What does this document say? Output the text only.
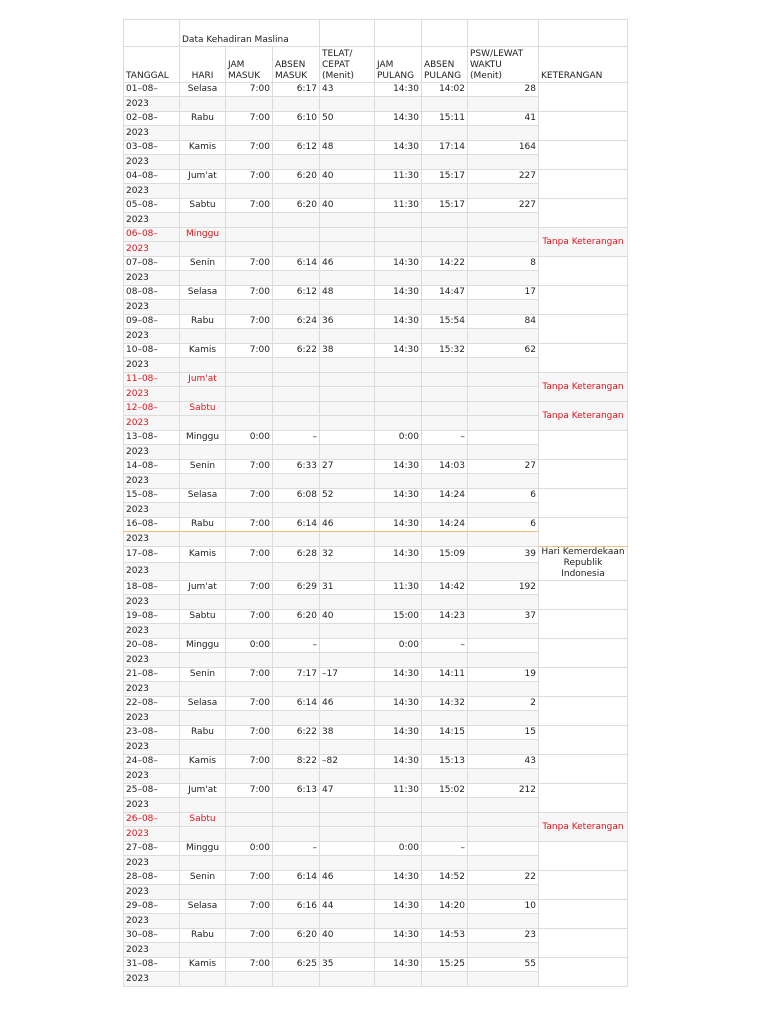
	Data Kehadiran Maslina							
TANGGAL	HARI	JAM MASUK	ABSEN MASUK	TELAT/ CEPAT (Menit)	JAM PULANG	ABSEN PULANG	PSW/LEWAT WAKTU (Menit)	KETERANGAN
01–08–	Selasa	7:00	6:17	43	14:30	14:02	28	
2023								
02–08–	Rabu	7:00	6:10	50	14:30	15:11	41	
2023								
03–08–	Kamis	7:00	6:12	48	14:30	17:14	164	
2023								
04–08–	Jum'at	7:00	6:20	40	11:30	15:17	227	
2023								
05–08–	Sabtu	7:00	6:20	40	11:30	15:17	227	
2023								
06–08–	Minggu							Tanpa Keterangan
2023								
07–08–	Senin	7:00	6:14	46	14:30	14:22	8	
2023								
08–08–	Selasa	7:00	6:12	48	14:30	14:47	17	
2023								
09–08–	Rabu	7:00	6:24	36	14:30	15:54	84	
2023								
10–08–	Kamis	7:00	6:22	38	14:30	15:32	62	
2023								
11–08–	Jum'at							Tanpa Keterangan
2023								
12–08–	Sabtu							Tanpa Keterangan
2023								
13–08–	Minggu	0:00	–		0:00	–		
2023								
14–08–	Senin	7:00	6:33	27	14:30	14:03	27	
2023								
15–08–	Selasa	7:00	6:08	52	14:30	14:24	6	
2023								
16–08–	Rabu	7:00	6:14	46	14:30	14:24	6	
2023								
17–08–	Kamis	7:00	6:28	32	14:30	15:09	39	Hari Kemerdekaan Republik Indonesia
2023								
18–08–	Jum'at	7:00	6:29	31	11:30	14:42	192	
2023								
19–08–	Sabtu	7:00	6:20	40	15:00	14:23	37	
2023								
20–08–	Minggu	0:00	–		0:00	–		
2023								
21–08–	Senin	7:00	7:17	–17	14:30	14:11	19	
2023								
22–08–	Selasa	7:00	6:14	46	14:30	14:32	2	
2023								
23–08–	Rabu	7:00	6:22	38	14:30	14:15	15	
2023								
24–08–	Kamis	7:00	8:22	–82	14:30	15:13	43	
2023								
25–08–	Jum'at	7:00	6:13	47	11:30	15:02	212	
2023								
26–08–	Sabtu							Tanpa Keterangan
2023								
27–08–	Minggu	0:00	–		0:00	–		
2023								
28–08–	Senin	7:00	6:14	46	14:30	14:52	22	
2023								
29–08–	Selasa	7:00	6:16	44	14:30	14:20	10	
2023								
30–08–	Rabu	7:00	6:20	40	14:30	14:53	23	
2023								
31–08–	Kamis	7:00	6:25	35	14:30	15:25	55	
2023								
